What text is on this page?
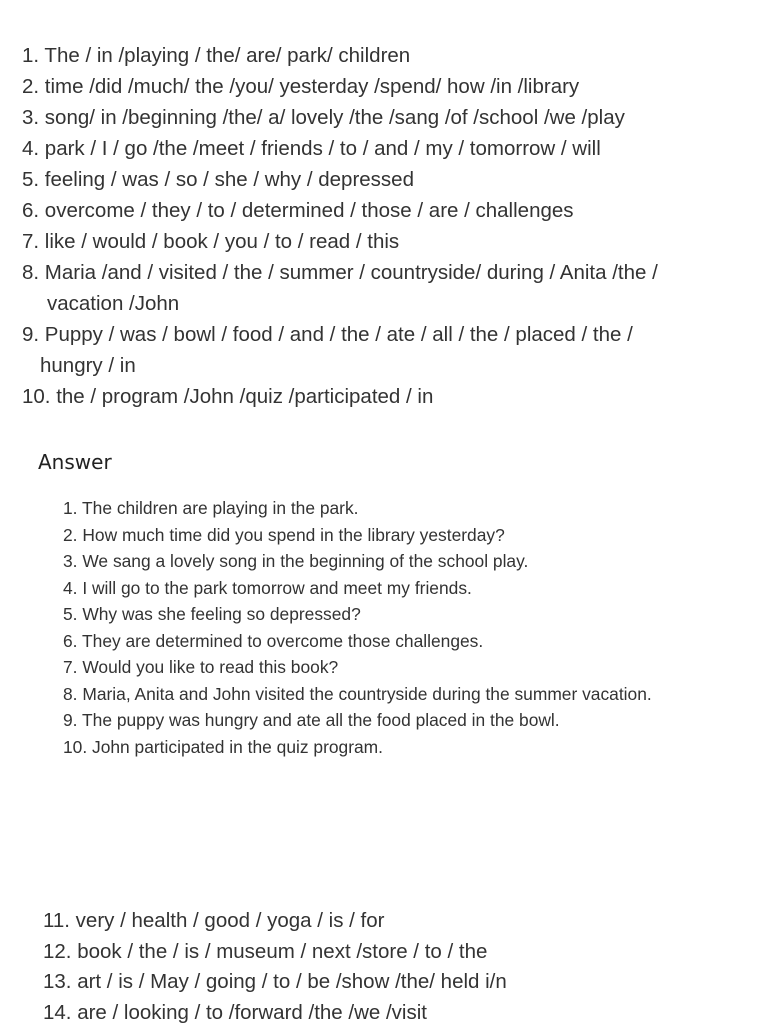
1. The / in /playing / the/ are/ park/ children
2. time /did /much/ the /you/ yesterday /spend/ how /in /library
3. song/ in /beginning /the/ a/ lovely /the /sang /of /school /we /play
4. park / I / go /the /meet / friends / to / and / my / tomorrow / will
5. feeling / was / so / she / why / depressed
6. overcome / they / to / determined / those / are / challenges
7. like / would / book / you / to / read / this
8. Maria /and / visited / the / summer / countryside/ during / Anita /the /
vacation /John
9. Puppy / was / bowl / food / and / the / ate / all / the / placed / the /
hungry / in
10. the / program /John /quiz /participated / in
Answer
1. The children are playing in the park.
2. How much time did you spend in the library yesterday?
3. We sang a lovely song in the beginning of the school play.
4. I will go to the park tomorrow and meet my friends.
5. Why was she feeling so depressed?
6. They are determined to overcome those challenges.
7. Would you like to read this book?
8. Maria, Anita and John visited the countryside during the summer vacation.
9. The puppy was hungry and ate all the food placed in the bowl.
10. John participated in the quiz program.
11. very / health / good / yoga / is / for
12. book / the / is / museum / next /store / to / the
13. art / is / May / going / to / be /show /the/ held i/n
14. are / looking / to /forward /the /we /visit
